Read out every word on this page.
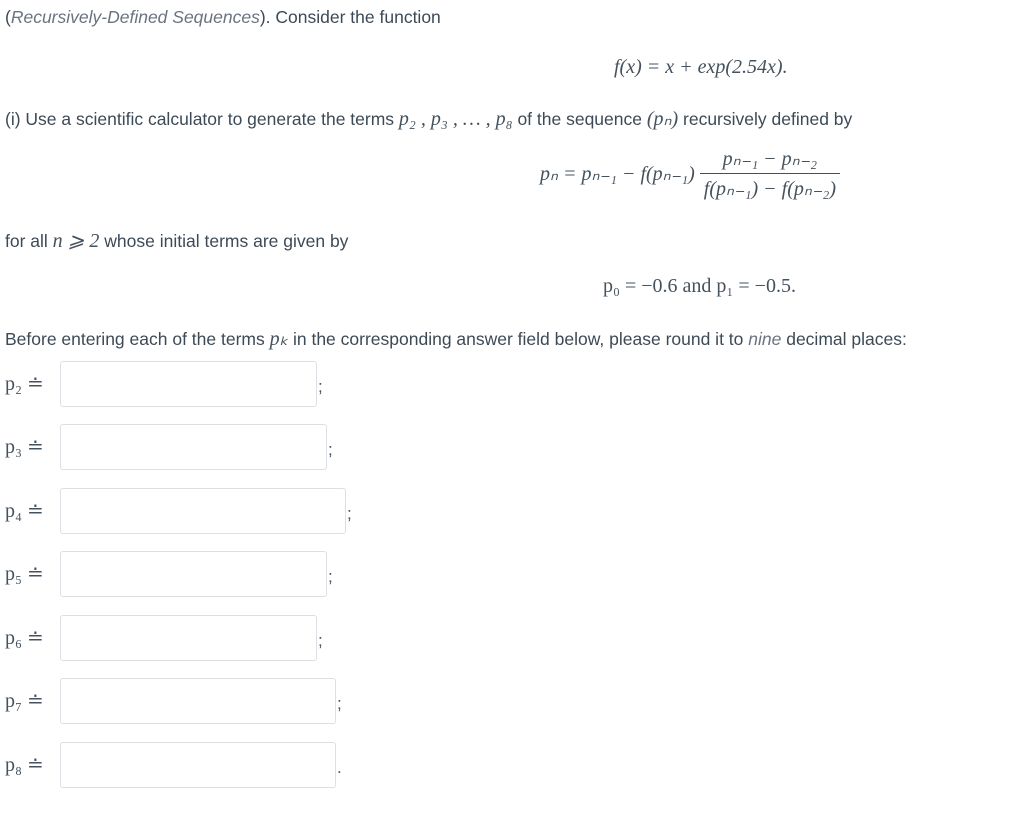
(Recursively-Defined Sequences). Consider the function
f(x) = x + exp(2.54x).
(i) Use a scientific calculator to generate the terms p₂ , p₃ , … , p₈ of the sequence (pₙ) recursively defined by
$p_n = p_{n-1} - f(p_{n-1}) \frac{\text{pₙ₋₁ − pₙ₋₂}}{\text{f(pₙ₋₁) − f(pₙ₋₂)}}$
for all n ⩾ 2 whose initial terms are given by
p₀ = −0.6 and p₁ = −0.5.
Before entering each of the terms pₖ in the corresponding answer field below, please round it to nine decimal places:
p₂ ≐	;
p₃ ≐	;
p₄ ≐	;
p₅ ≐	;
p₆ ≐	;
p₇ ≐	;
p₈ ≐	.
